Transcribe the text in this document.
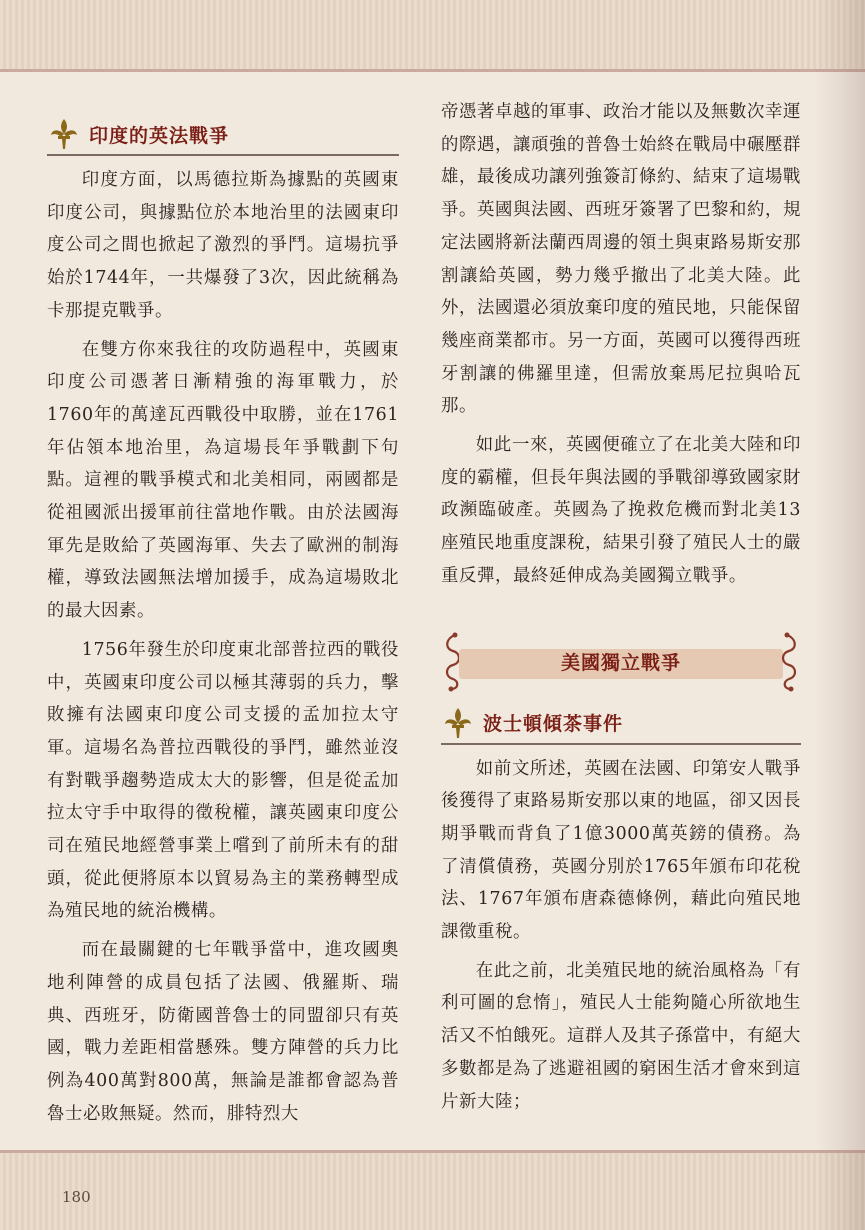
印度的英法戰爭

印度方面，以馬德拉斯為據點的英國東印度公司，與據點位於本地治里的法國東印度公司之間也掀起了激烈的爭鬥。這場抗爭始於1744年，一共爆發了3次，因此統稱為卡那提克戰爭。

在雙方你來我往的攻防過程中，英國東印度公司憑著日漸精強的海軍戰力，於1760年的萬達瓦西戰役中取勝，並在1761年佔領本地治里，為這場長年爭戰劃下句點。這裡的戰爭模式和北美相同，兩國都是從祖國派出援軍前往當地作戰。由於法國海軍先是敗給了英國海軍、失去了歐洲的制海權，導致法國無法增加援手，成為這場敗北的最大因素。

1756年發生於印度東北部普拉西的戰役中，英國東印度公司以極其薄弱的兵力，擊敗擁有法國東印度公司支援的孟加拉太守軍。這場名為普拉西戰役的爭鬥，雖然並沒有對戰爭趨勢造成太大的影響，但是從孟加拉太守手中取得的徵稅權，讓英國東印度公司在殖民地經營事業上嚐到了前所未有的甜頭，從此便將原本以貿易為主的業務轉型成為殖民地的統治機構。

而在最關鍵的七年戰爭當中，進攻國奧地利陣營的成員包括了法國、俄羅斯、瑞典、西班牙，防衛國普魯士的同盟卻只有英國，戰力差距相當懸殊。雙方陣營的兵力比例為400萬對800萬，無論是誰都會認為普魯士必敗無疑。然而，腓特烈大

帝憑著卓越的軍事、政治才能以及無數次幸運的際遇，讓頑強的普魯士始終在戰局中碾壓群雄，最後成功讓列強簽訂條約、結束了這場戰爭。英國與法國、西班牙簽署了巴黎和約，規定法國將新法蘭西周邊的領土與東路易斯安那割讓給英國，勢力幾乎撤出了北美大陸。此外，法國還必須放棄印度的殖民地，只能保留幾座商業都市。另一方面，英國可以獲得西班牙割讓的佛羅里達，但需放棄馬尼拉與哈瓦那。

如此一來，英國便確立了在北美大陸和印度的霸權，但長年與法國的爭戰卻導致國家財政瀕臨破產。英國為了挽救危機而對北美13座殖民地重度課稅，結果引發了殖民人士的嚴重反彈，最終延伸成為美國獨立戰爭。

美國獨立戰爭
波士頓傾茶事件

如前文所述，英國在法國、印第安人戰爭後獲得了東路易斯安那以東的地區，卻又因長期爭戰而背負了1億3000萬英鎊的債務。為了清償債務，英國分別於1765年頒布印花稅法、1767年頒布唐森德條例，藉此向殖民地課徵重稅。

在此之前，北美殖民地的統治風格為「有利可圖的怠惰」，殖民人士能夠隨心所欲地生活又不怕餓死。這群人及其子孫當中，有絕大多數都是為了逃避祖國的窮困生活才會來到這片新大陸；

180
